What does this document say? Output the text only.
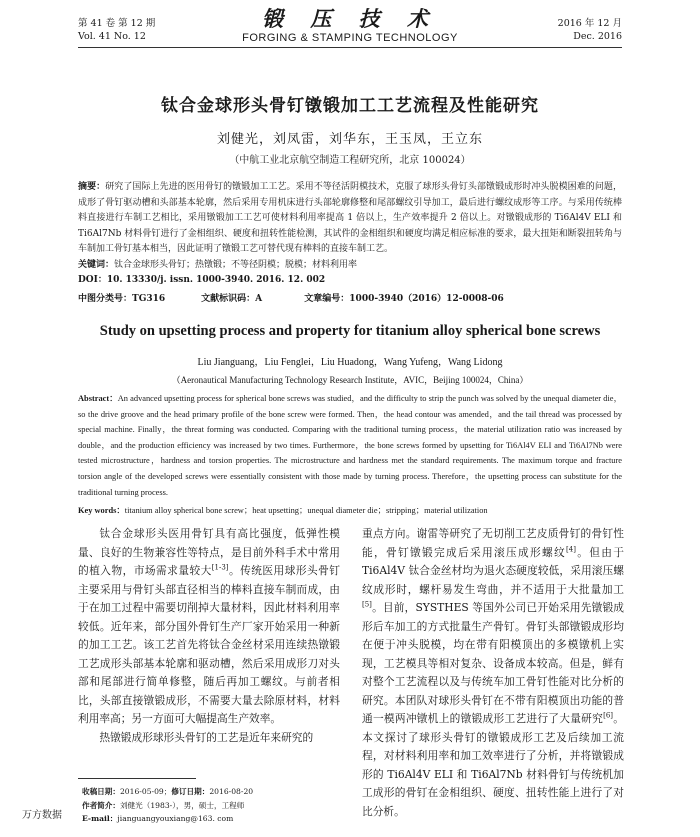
第 41 卷 第 12 期
Vol. 41 No. 12
锻 压 技 术
FORGING & STAMPING TECHNOLOGY
2016 年 12 月
Dec. 2016
钛合金球形头骨钉镦锻加工工艺流程及性能研究
刘健光，刘凤雷，刘华东，王玉凤，王立东
（中航工业北京航空制造工程研究所，北京 100024）
摘要：研究了国际上先进的医用骨钉的镦锻加工工艺。采用不等径活阴模技术，克服了球形头骨钉头部镦锻成形时冲头脱模困难的问题，成形了骨钉驱动槽和头部基本轮廓，然后采用专用机床进行头部轮廓修整和尾部螺纹引导加工，最后进行螺纹成形等工序。与采用传统棒料直接进行车制工艺相比，采用镦锻加工工艺可使材料利用率提高 1 倍以上，生产效率提升 2 倍以上。对镦锻成形的 Ti6Al4V ELI 和 Ti6Al7Nb 材料骨钉进行了金相组织、硬度和扭转性能检测，其试件的金相组织和硬度均满足相应标准的要求，最大扭矩和断裂扭转角与车制加工骨钉基本相当，因此证明了镦锻工艺可替代现有棒料的直接车制工艺。
关键词：钛合金球形头骨钉；热镦锻；不等径阴模；脱模；材料利用率
DOI：10. 13330/j. issn. 1000-3940. 2016. 12. 002
中图分类号：TG316	文献标识码：A	文章编号：1000-3940（2016）12-0008-06
Study on upsetting process and property for titanium alloy spherical bone screws
Liu Jianguang，Liu Fenglei，Liu Huadong，Wang Yufeng，Wang Lidong
（Aeronautical Manufacturing Technology Research Institute，AVIC，Beijing 100024，China）
Abstract：An advanced upsetting process for spherical bone screws was studied，and the difficulty to strip the punch was solved by the unequal diameter die，so the drive groove and the head primary profile of the bone screw were formed. Then，the head contour was amended，and the tail thread was processed by special machine. Finally，the threat forming was conducted. Comparing with the traditional turning process，the material utilization ratio was increased by double，and the production efficiency was increased by two times. Furthermore，the bone screws formed by upsetting for Ti6Al4V ELI and Ti6Al7Nb were tested microstructure，hardness and torsion properties. The microstructure and hardness met the standard requirements. The maximum torque and fracture torsion angle of the developed screws were essentially consistent with those made by turning process. Therefore，the upsetting process can substitute for the traditional turning process.
Key words：titanium alloy spherical bone screw；heat upsetting；unequal diameter die；stripping；material utilization

钛合金球形头医用骨钉具有高比强度，低弹性模量、良好的生物兼容性等特点，是目前外科手术中常用的植入物，市场需求量较大[1-3]。传统医用球形头骨钉主要采用与骨钉头部直径相当的棒料直接车制而成，由于在加工过程中需要切削掉大量材料，因此材料利用率较低。近年来，部分国外骨钉生产厂家开始采用一种新的加工工艺。该工艺首先将钛合金丝材采用连续热镦锻工艺成形头部基本轮廓和驱动槽，然后采用成形刀对头部和尾部进行简单修整，随后再加工螺纹。与前者相比，头部直接镦锻成形，不需要大量去除原材料，材料利用率高；另一方面可大幅提高生产效率。

热镦锻成形球形头骨钉的工艺是近年来研究的

重点方向。谢雷等研究了无切削工艺皮质骨钉的骨钉性能，骨钉镦锻完成后采用滚压成形螺纹[4]。但由于 Ti6Al4V 钛合金丝材均为退火态硬度较低，采用滚压螺纹成形时，螺杆易发生弯曲，并不适用于大批量加工[5]。目前，SYSTHES 等国外公司已开始采用先镦锻成形后车加工的方式批量生产骨钉。骨钉头部镦锻成形均在便于冲头脱模，均在带有阳模顶出的多模镦机上实现，工艺模具等相对复杂、设备成本较高。但是，鲜有对整个工艺流程以及与传统车加工骨钉性能对比分析的研究。本团队对球形头骨钉在不带有阳模顶出功能的普通一模两冲镦机上的镦锻成形工艺进行了大量研究[6]。本文探讨了球形头骨钉的镦锻成形工艺及后续加工流程，对材料利用率和加工效率进行了分析，并将镦锻成形的 Ti6Al4V ELI 和 Ti6Al7Nb 材料骨钉与传统机加工成形的骨钉在金相组织、硬度、扭转性能上进行了对比分析。

收稿日期：2016-05-09；修订日期：2016-08-20
作者简介：刘健光（1983-），男，硕士，工程师
E-mail：jianguangyouxiang@163. com
万方数据
